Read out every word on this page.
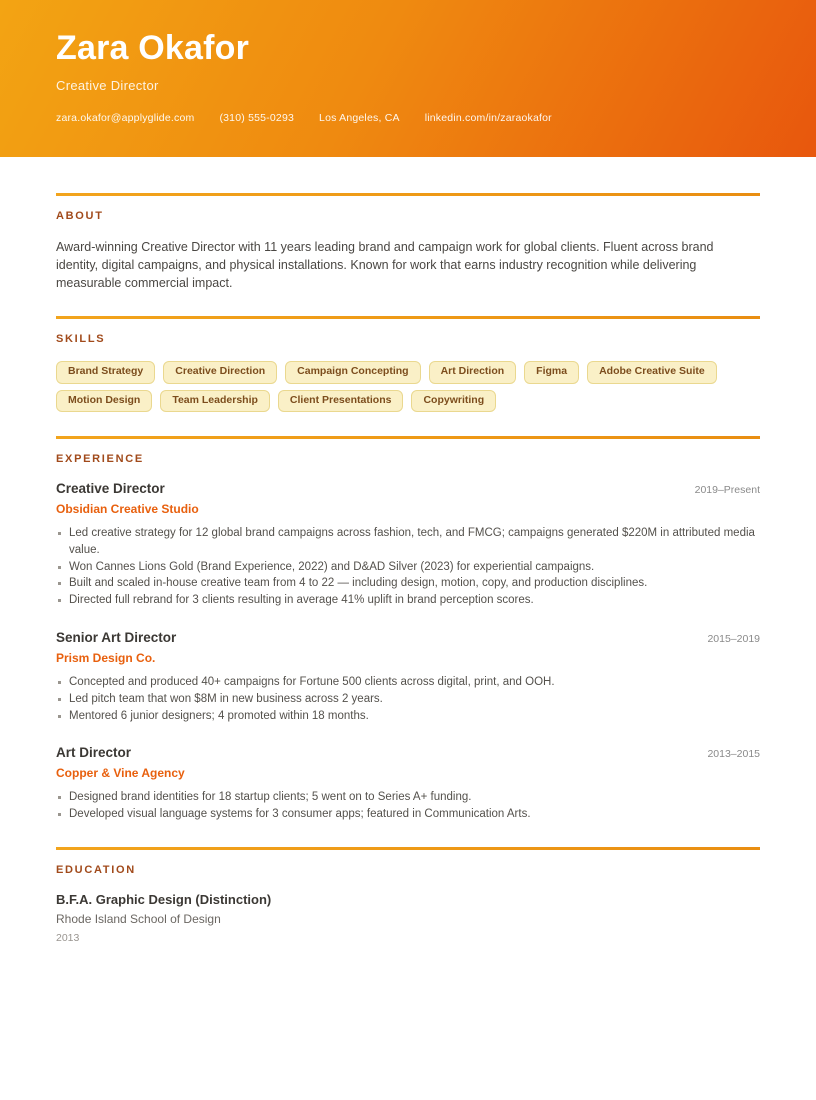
Zara Okafor
Creative Director
zara.okafor@applyglide.com (310) 555-0293 Los Angeles, CA linkedin.com/in/zaraokafor
ABOUT

Award-winning Creative Director with 11 years leading brand and campaign work for global clients. Fluent across brand identity, digital campaigns, and physical installations. Known for work that earns industry recognition while delivering measurable commercial impact.

SKILLS
Brand Strategy	Creative Direction	Campaign Concepting	Art Direction	Figma	Adobe Creative Suite
Motion Design	Team Leadership	Client Presentations	Copywriting
EXPERIENCE
Creative Director	2019–Present
Obsidian Creative Studio
Led creative strategy for 12 global brand campaigns across fashion, tech, and FMCG; campaigns generated $220M in attributed media value.
Won Cannes Lions Gold (Brand Experience, 2022) and D&AD Silver (2023) for experiential campaigns.
Built and scaled in-house creative team from 4 to 22 — including design, motion, copy, and production disciplines.
Directed full rebrand for 3 clients resulting in average 41% uplift in brand perception scores.
Senior Art Director	2015–2019
Prism Design Co.
Concepted and produced 40+ campaigns for Fortune 500 clients across digital, print, and OOH.
Led pitch team that won $8M in new business across 2 years.
Mentored 6 junior designers; 4 promoted within 18 months.
Art Director	2013–2015
Copper & Vine Agency
Designed brand identities for 18 startup clients; 5 went on to Series A+ funding.
Developed visual language systems for 3 consumer apps; featured in Communication Arts.
EDUCATION
B.F.A. Graphic Design (Distinction)
Rhode Island School of Design
2013
